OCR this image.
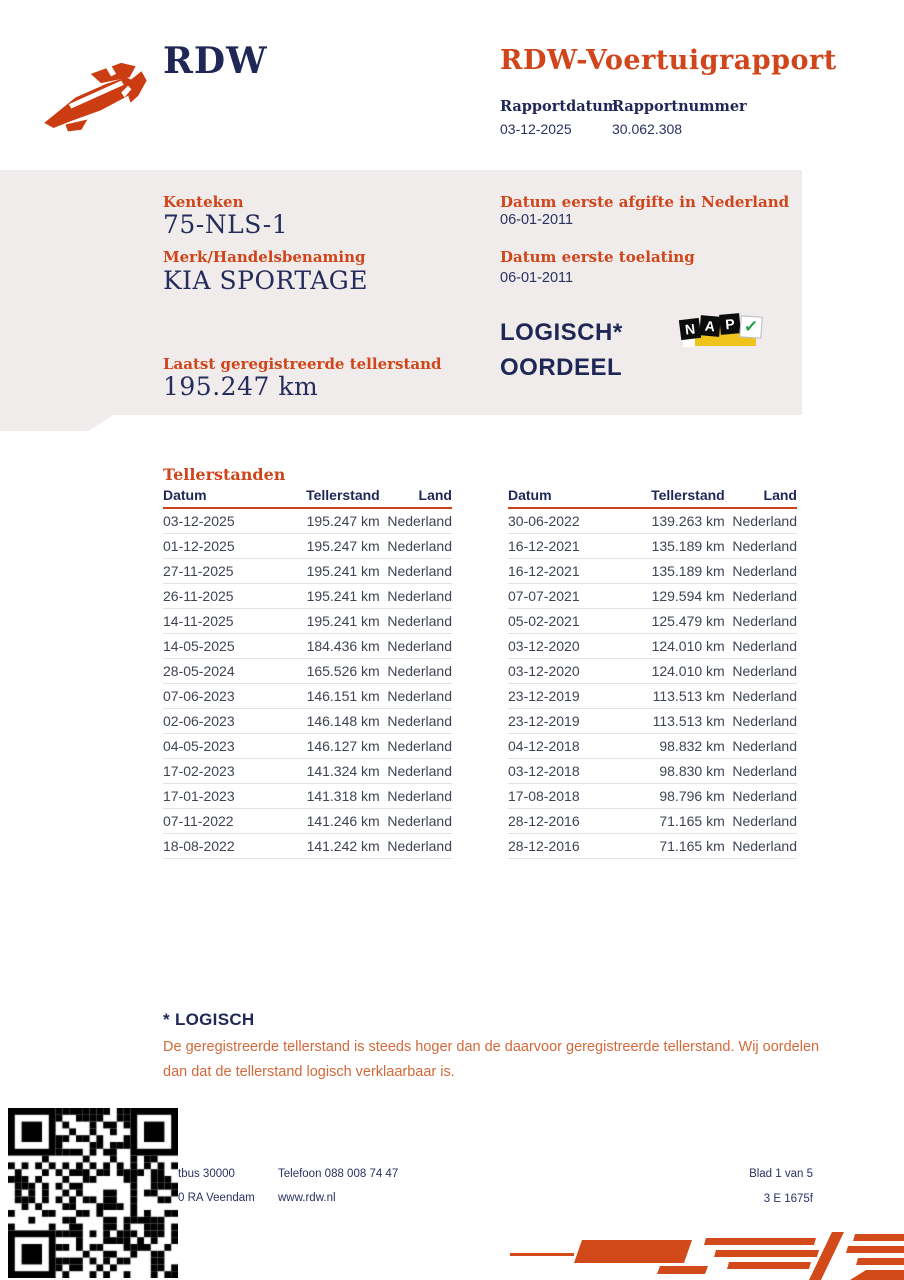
RDW	RDW-Voertuigrapport
Rapportdatum
03-12-2025
Rapportnummer
30.062.308
Kenteken
75-NLS-1
Merk/Handelsbenaming
KIA SPORTAGE
Laatst geregistreerde tellerstand
195.247 km
Datum eerste afgifte in Nederland
06-01-2011
Datum eerste toelating
06-01-2011
LOGISCH*
OORDEEL
N A P ✓
Tellerstanden
Datum	Tellerstand	Land
03-12-2025	195.247 km Nederland
01-12-2025	195.247 km Nederland
27-11-2025	195.241 km Nederland
26-11-2025	195.241 km Nederland
14-11-2025	195.241 km Nederland
14-05-2025	184.436 km Nederland
28-05-2024	165.526 km Nederland
07-06-2023	146.151 km Nederland
02-06-2023	146.148 km Nederland
04-05-2023	146.127 km Nederland
17-02-2023	141.324 km Nederland
17-01-2023	141.318 km Nederland
07-11-2022	141.246 km Nederland
18-08-2022	141.242 km Nederland
Datum	Tellerstand	Land
30-06-2022	139.263 km Nederland
16-12-2021	135.189 km Nederland
16-12-2021	135.189 km Nederland
07-07-2021	129.594 km Nederland
05-02-2021	125.479 km Nederland
03-12-2020	124.010 km Nederland
03-12-2020	124.010 km Nederland
23-12-2019	113.513 km Nederland
23-12-2019	113.513 km Nederland
04-12-2018	98.832 km Nederland
03-12-2018	98.830 km Nederland
17-08-2018	98.796 km Nederland
28-12-2016	71.165 km Nederland
28-12-2016	71.165 km Nederland
* LOGISCH
De geregistreerde tellerstand is steeds hoger dan de daarvoor geregistreerde tellerstand. Wij oordelen dan dat de tellerstand logisch verklaarbaar is.
tbus 30000
0 RA Veendam
Telefoon 088 008 74 47
www.rdw.nl
Blad 1 van 5
3 E 1675f
